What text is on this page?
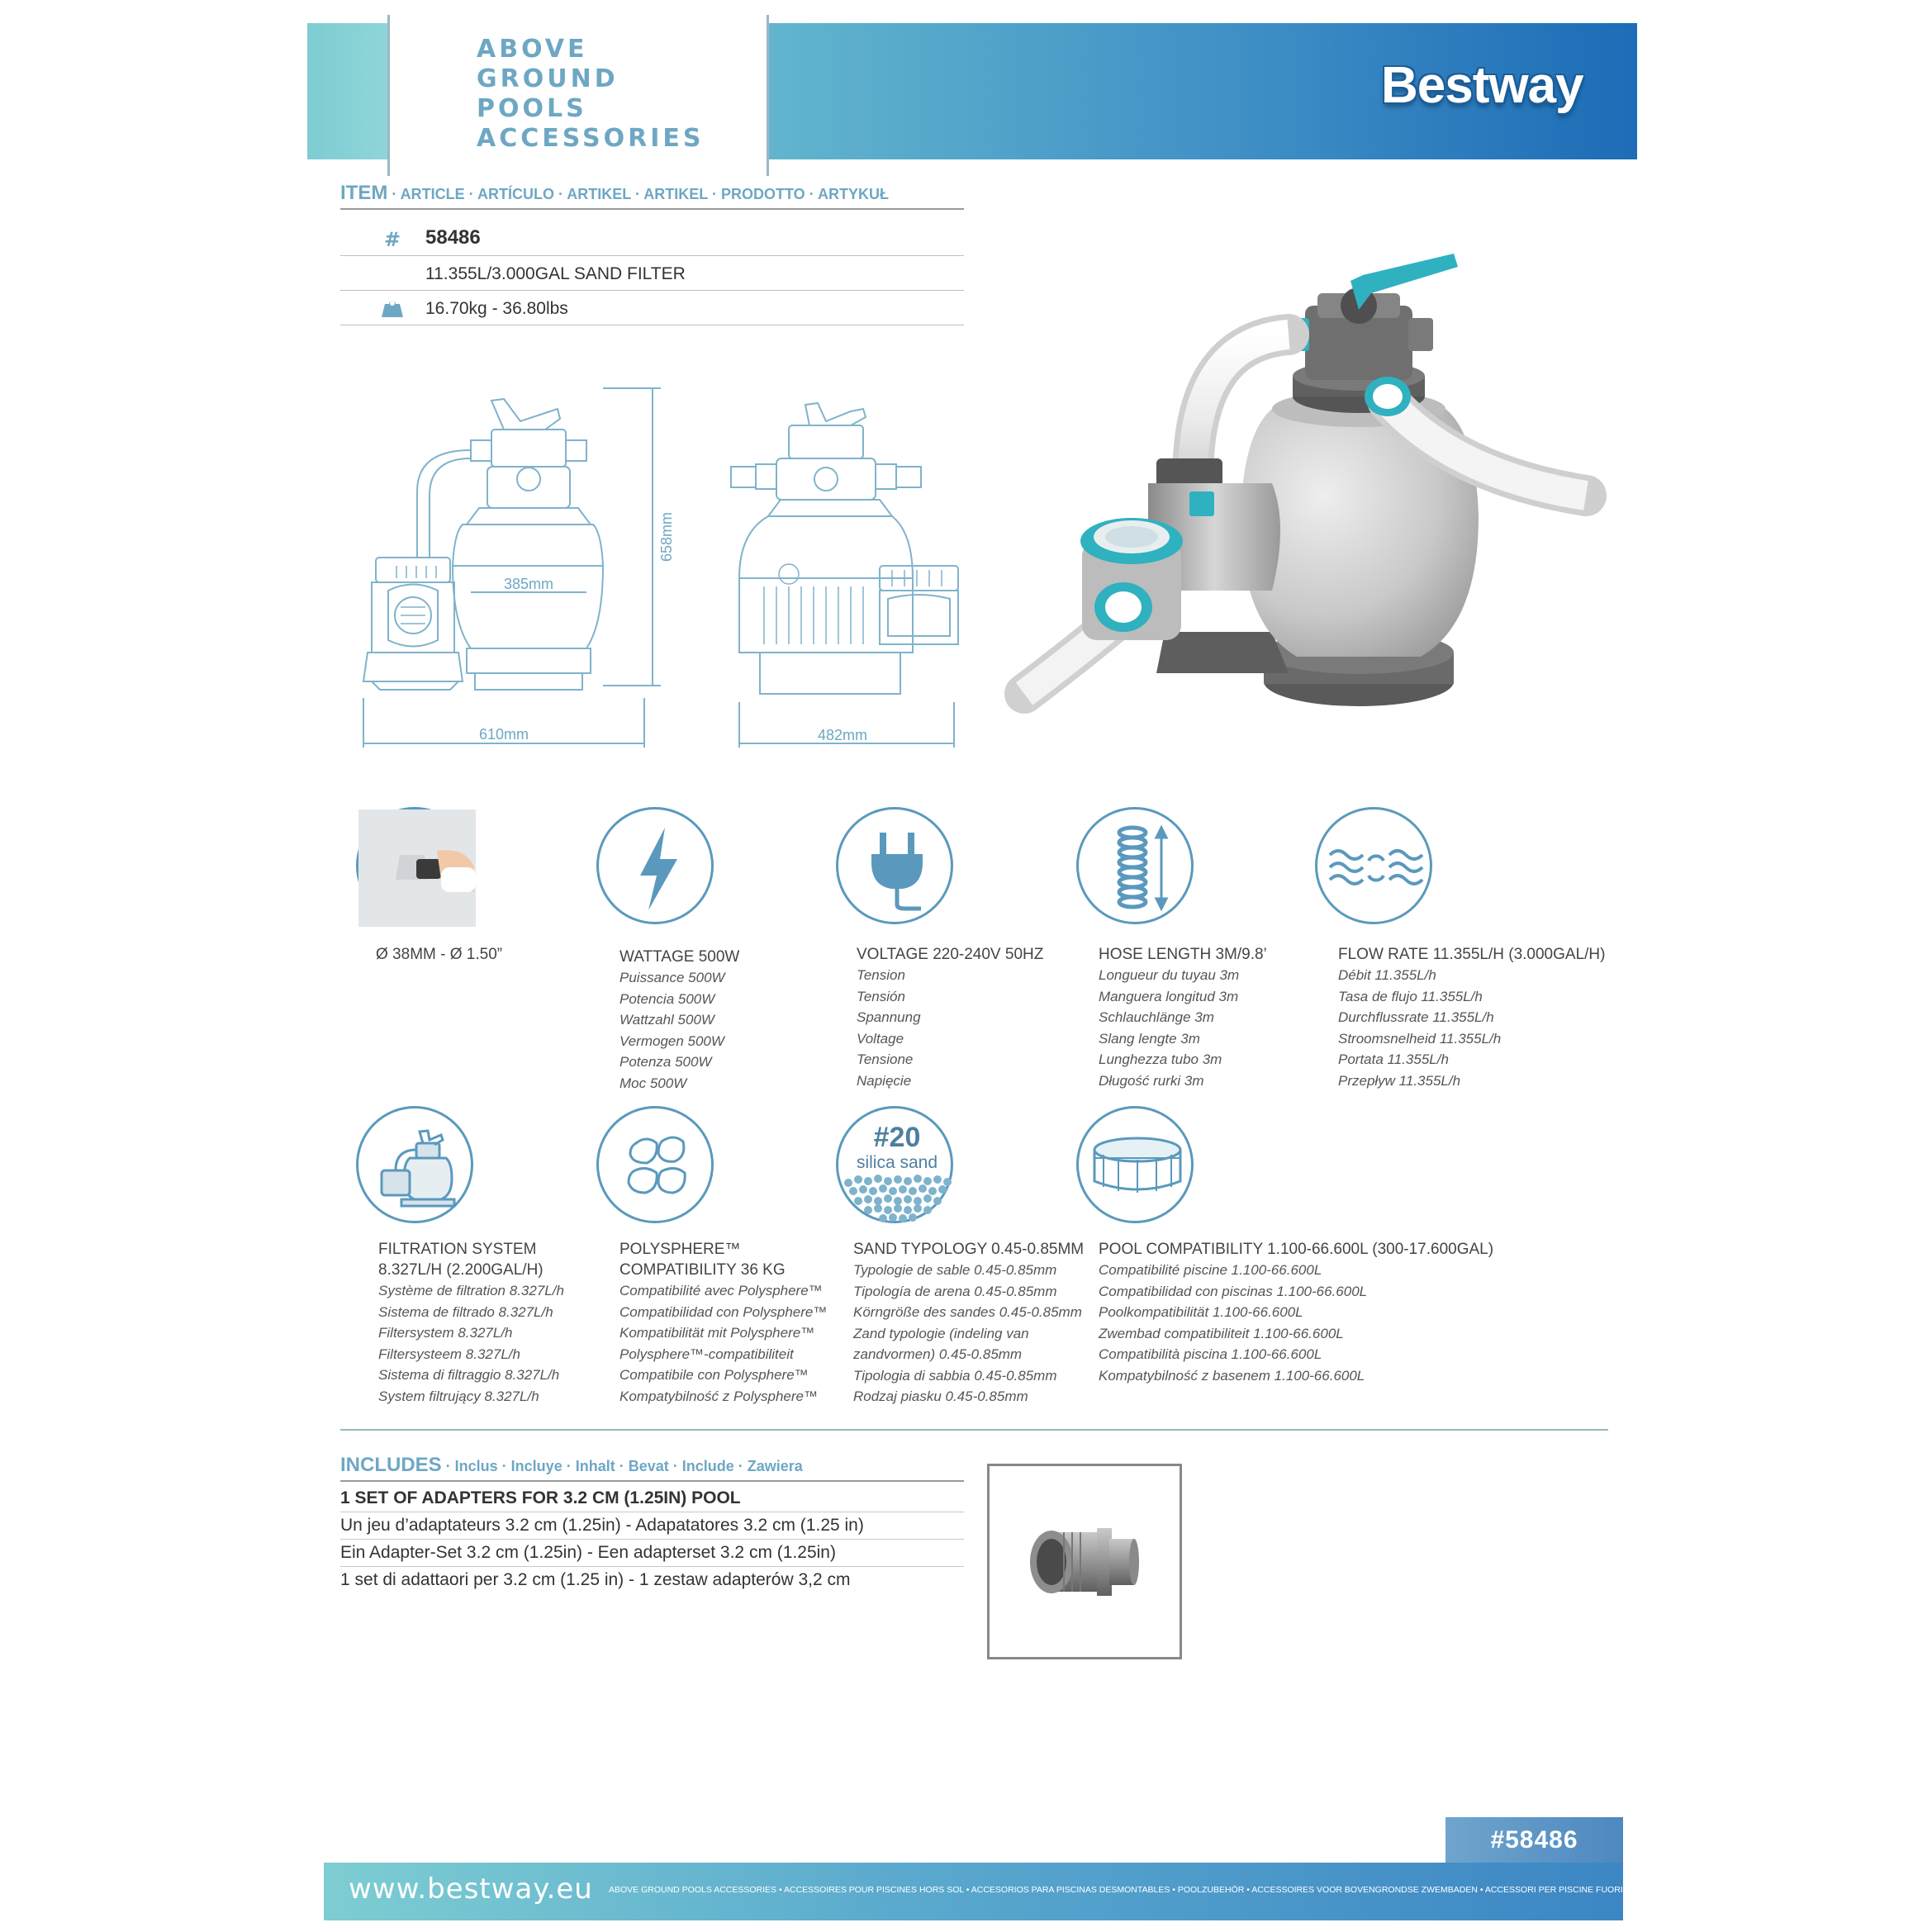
ABOVE
GROUND
POOLS
ACCESSORIES
Bestway
ITEM · ARTICLE · ARTÍCULO · ARTIKEL · ARTIKEL · PRODOTTO · ARTYKUŁ
# 58486
11.355L/3.000GAL SAND FILTER
16.70kg - 36.80lbs
385mm
610mm
658mm
482mm
Ø 38MM - Ø 1.50”	WATTAGE 500W
Puissance 500W
Potencia 500W
Wattzahl 500W
Vermogen 500W
Potenza 500W
Moc 500W
VOLTAGE 220-240V 50HZ
Tension
Tensión
Spannung
Voltage
Tensione
Napięcie
HOSE LENGTH 3M/9.8’
Longueur du tuyau 3m
Manguera longitud 3m
Schlauchlänge 3m
Slang lengte 3m
Lunghezza tubo 3m
Długość rurki 3m
FLOW RATE 11.355L/H (3.000GAL/H)
Débit 11.355L/h
Tasa de flujo 11.355L/h
Durchflussrate 11.355L/h
Stroomsnelheid 11.355L/h
Portata 11.355L/h
Przepływ 11.355L/h
#20
silica sand
FILTRATION SYSTEM
8.327L/H (2.200GAL/H)
Système de filtration 8.327L/h
Sistema de filtrado 8.327L/h
Filtersystem 8.327L/h
Filtersysteem 8.327L/h
Sistema di filtraggio 8.327L/h
System filtrujący 8.327L/h
POLYSPHERE™
COMPATIBILITY 36 KG
Compatibilité avec Polysphere™
Compatibilidad con Polysphere™
Kompatibilität mit Polysphere™
Polysphere™-compatibiliteit
Compatibile con Polysphere™
Kompatybilność z Polysphere™
SAND TYPOLOGY 0.45-0.85MM
Typologie de sable 0.45-0.85mm
Tipología de arena 0.45-0.85mm
Körngröße des sandes 0.45-0.85mm
Zand typologie (indeling van
zandvormen) 0.45-0.85mm
Tipologia di sabbia 0.45-0.85mm
Rodzaj piasku 0.45-0.85mm
POOL COMPATIBILITY 1.100-66.600L (300-17.600GAL)
Compatibilité piscine 1.100-66.600L
Compatibilidad con piscinas 1.100-66.600L
Poolkompatibilität 1.100-66.600L
Zwembad compatibiliteit 1.100-66.600L
Compatibilità piscina 1.100-66.600L
Kompatybilność z basenem 1.100-66.600L
INCLUDES · Inclus · Incluye · Inhalt · Bevat · Include · Zawiera
1 SET OF ADAPTERS FOR 3.2 CM (1.25IN) POOL
Un jeu d’adaptateurs 3.2 cm (1.25in) - Adapatatores 3.2 cm (1.25 in)
Ein Adapter-Set 3.2 cm (1.25in) - Een adapterset 3.2 cm (1.25in)
1 set di adattaori per 3.2 cm (1.25 in) - 1 zestaw adapterów 3,2 cm
#58486
www.bestway.eu ABOVE GROUND POOLS ACCESSORIES • ACCESSOIRES POUR PISCINES HORS SOL • ACCESORIOS PARA PISCINAS DESMONTABLES • POOLZUBEHÖR • ACCESSOIRES VOOR BOVENGRONDSE ZWEMBADEN • ACCESSORI PER PISCINE FUORI TERRA • AKCESORIA DO BASENÓW NAZIEMNYCH
